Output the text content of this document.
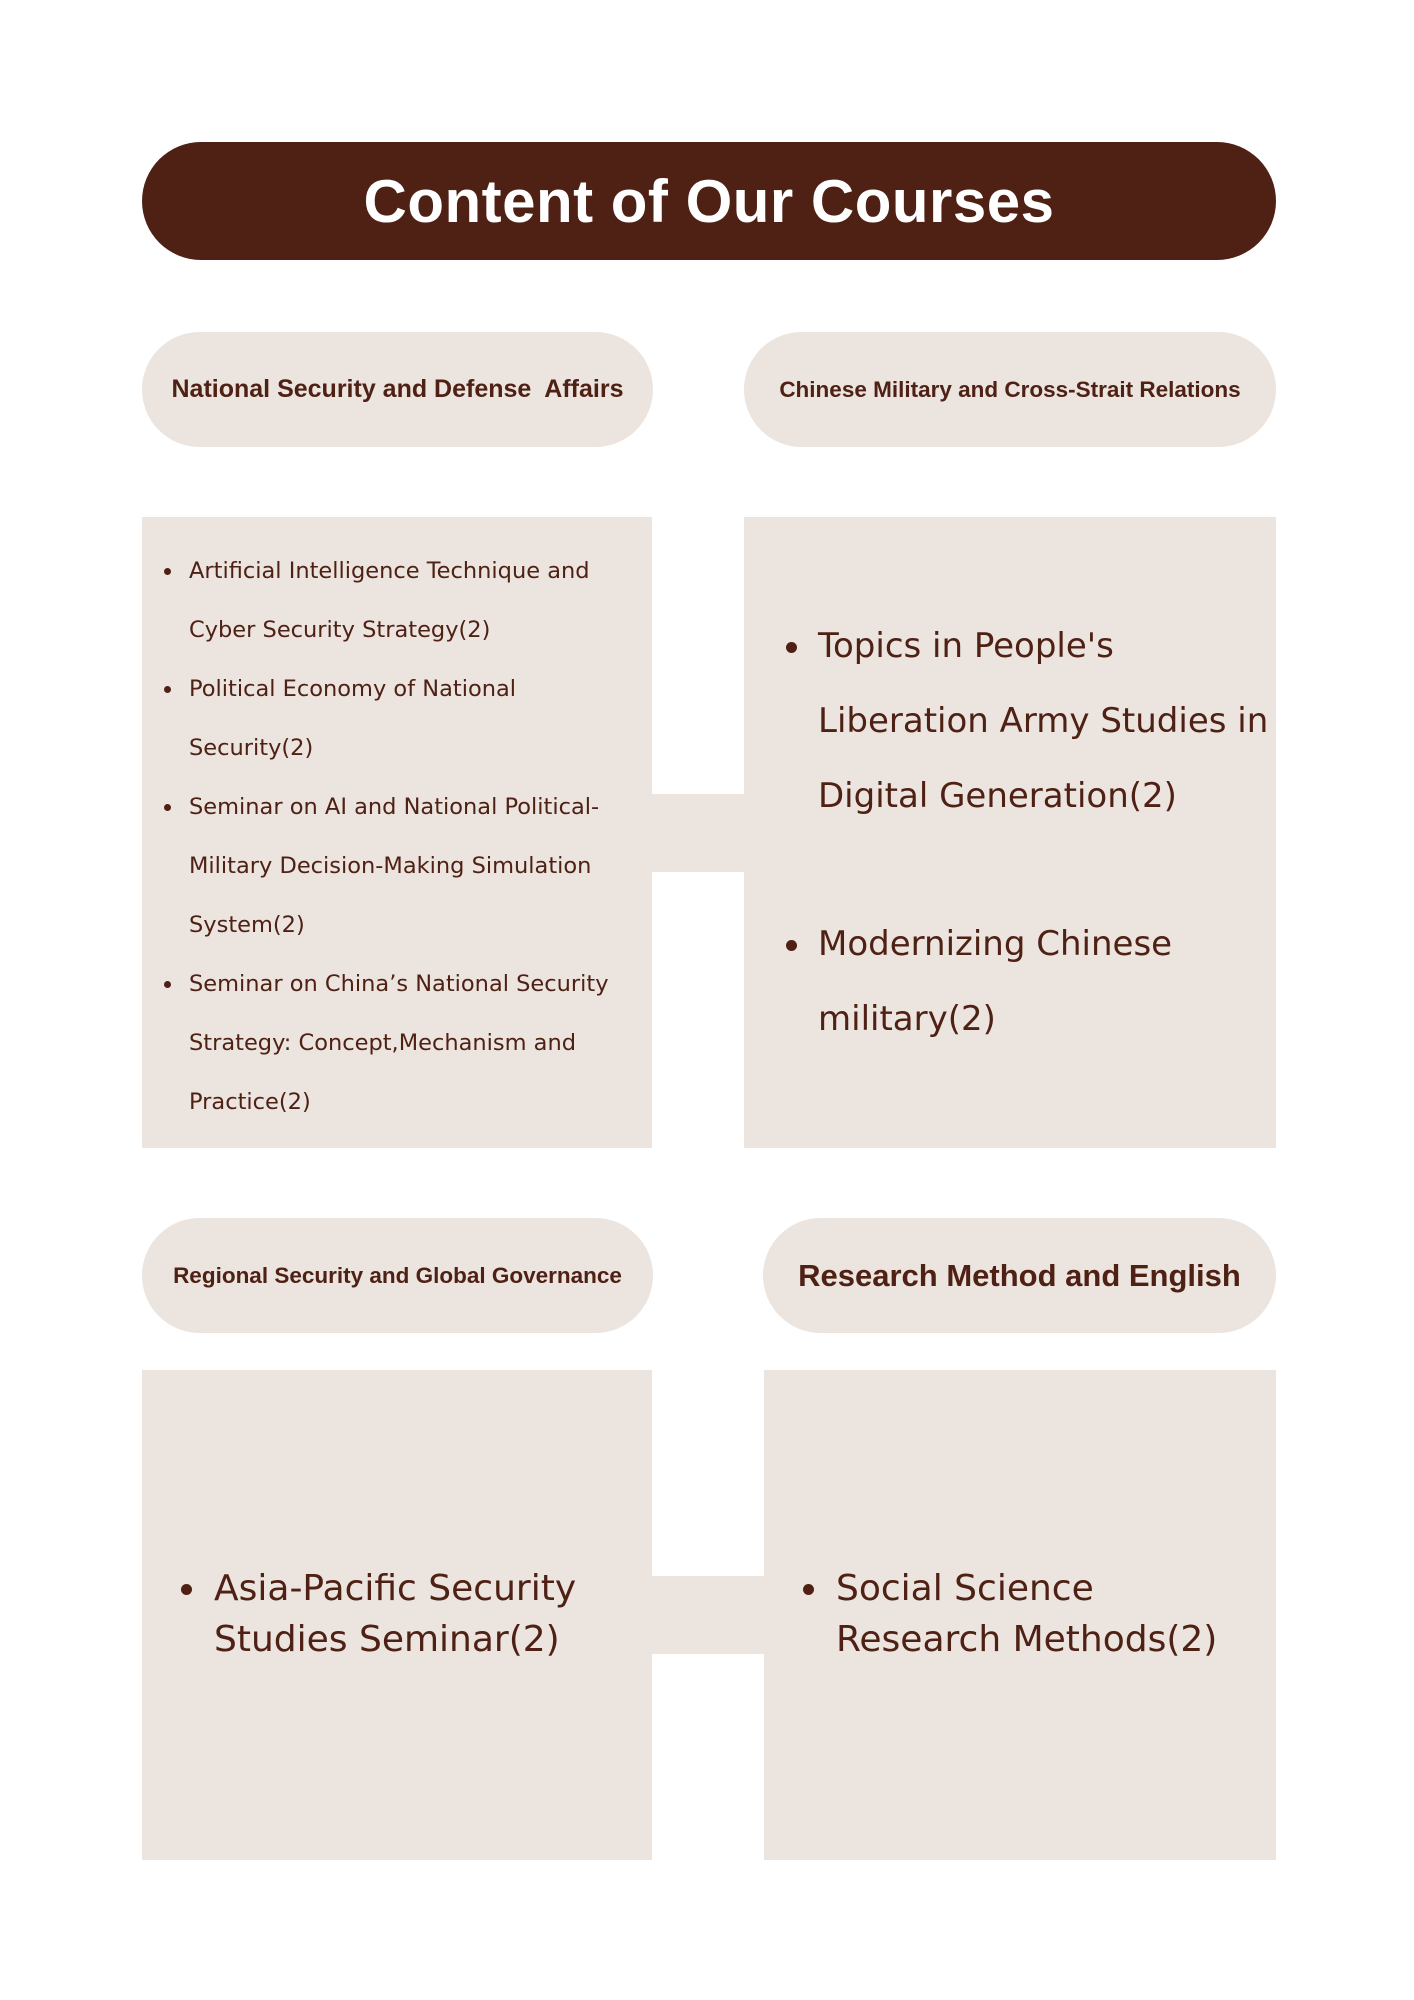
Content of Our Courses
National Security and Defense  Affairs	Chinese Military and Cross-Strait Relations
Regional Security and Global Governance	Research Method and English
Artificial Intelligence Technique and Cyber Security Strategy(2)
Political Economy of National Security(2)
Seminar on AI and National Political-Military Decision-Making Simulation System(2)
Seminar on China’s National Security Strategy: Concept,Mechanism and Practice(2)
Topics in People's Liberation Army Studies in Digital Generation(2)
Modernizing Chinese military(2)
Asia-Pacific Security Studies Seminar(2)
Social Science Research Methods(2)
